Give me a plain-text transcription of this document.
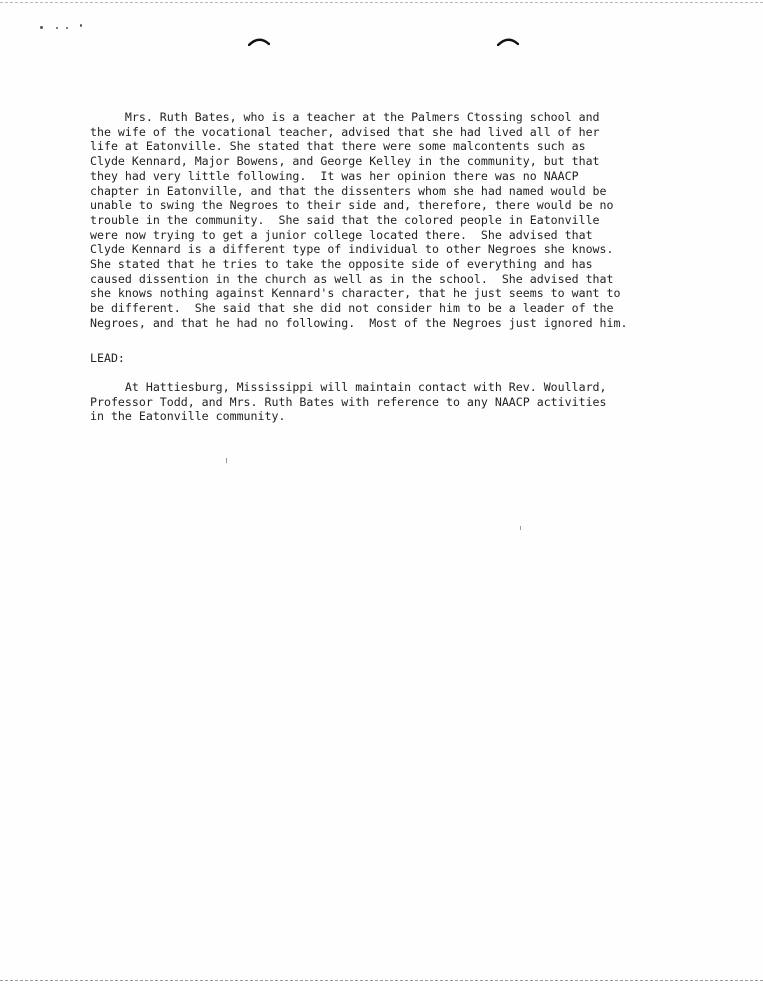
Mrs. Ruth Bates, who is a teacher at the Palmers Ctossing school and
the wife of the vocational teacher, advised that she had lived all of her
life at Eatonville. She stated that there were some malcontents such as
Clyde Kennard, Major Bowens, and George Kelley in the community, but that
they had very little following.  It was her opinion there was no NAACP
chapter in Eatonville, and that the dissenters whom she had named would be
unable to swing the Negroes to their side and, therefore, there would be no
trouble in the community.  She said that the colored people in Eatonville
were now trying to get a junior college located there.  She advised that
Clyde Kennard is a different type of individual to other Negroes she knows.
She stated that he tries to take the opposite side of everything and has
caused dissention in the church as well as in the school.  She advised that
she knows nothing against Kennard's character, that he just seems to want to
be different.  She said that she did not consider him to be a leader of the
Negroes, and that he had no following.  Most of the Negroes just ignored him.
LEAD:
At Hattiesburg, Mississippi will maintain contact with Rev. Woullard,
Professor Todd, and Mrs. Ruth Bates with reference to any NAACP activities
in the Eatonville community.
